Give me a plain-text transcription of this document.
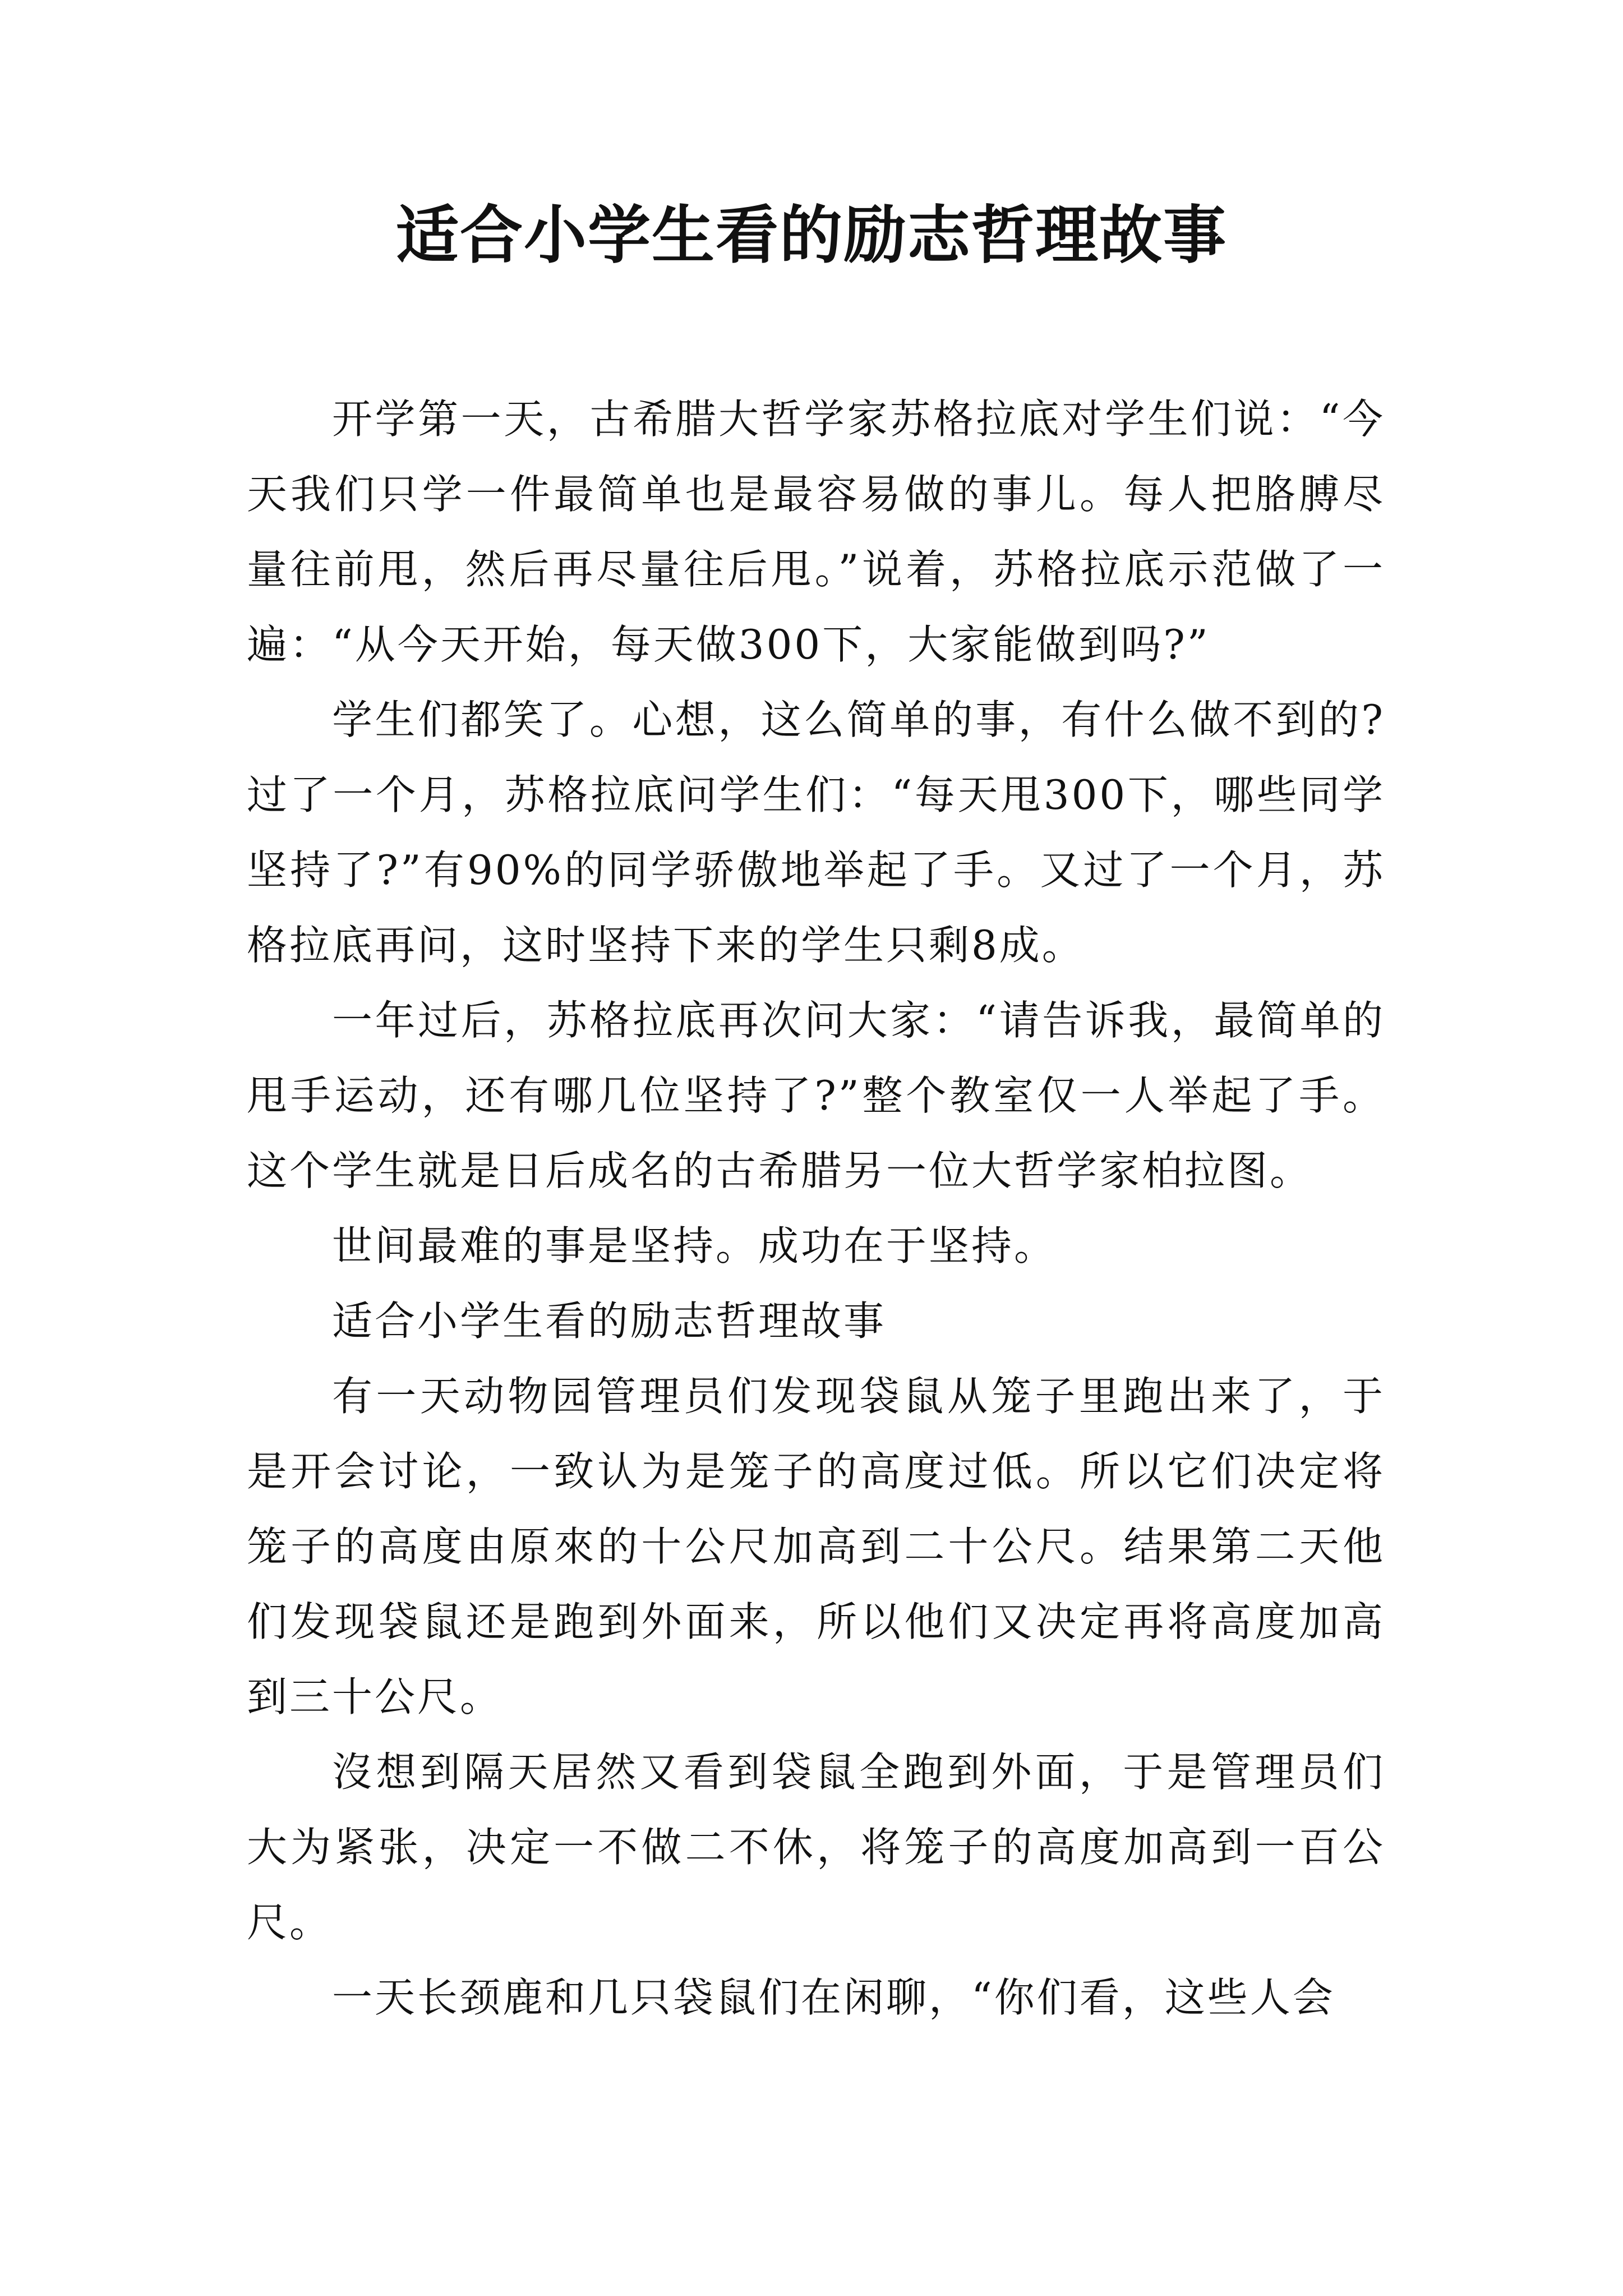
适合小学生看的励志哲理故事

开学第一天，古希腊大哲学家苏格拉底对学生们说：“今天我们只学一件最简单也是最容易做的事儿。每人把胳膊尽量往前甩，然后再尽量往后甩。”说着，苏格拉底示范做了一遍：“从今天开始，每天做300下，大家能做到吗?”

学生们都笑了。心想，这么简单的事，有什么做不到的?过了一个月，苏格拉底问学生们：“每天甩300下，哪些同学坚持了?”有90%的同学骄傲地举起了手。又过了一个月，苏格拉底再问，这时坚持下来的学生只剩8成。

一年过后，苏格拉底再次问大家：“请告诉我，最简单的甩手运动，还有哪几位坚持了?”整个教室仅一人举起了手。这个学生就是日后成名的古希腊另一位大哲学家柏拉图。

世间最难的事是坚持。成功在于坚持。

适合小学生看的励志哲理故事

有一天动物园管理员们发现袋鼠从笼子里跑出来了，于是开会讨论，一致认为是笼子的高度过低。所以它们决定将笼子的高度由原來的十公尺加高到二十公尺。结果第二天他们发现袋鼠还是跑到外面来，所以他们又决定再将高度加高到三十公尺。

沒想到隔天居然又看到袋鼠全跑到外面，于是管理员们大为紧张，决定一不做二不休，将笼子的高度加高到一百公尺。

一天长颈鹿和几只袋鼠们在闲聊，“你们看，这些人会
